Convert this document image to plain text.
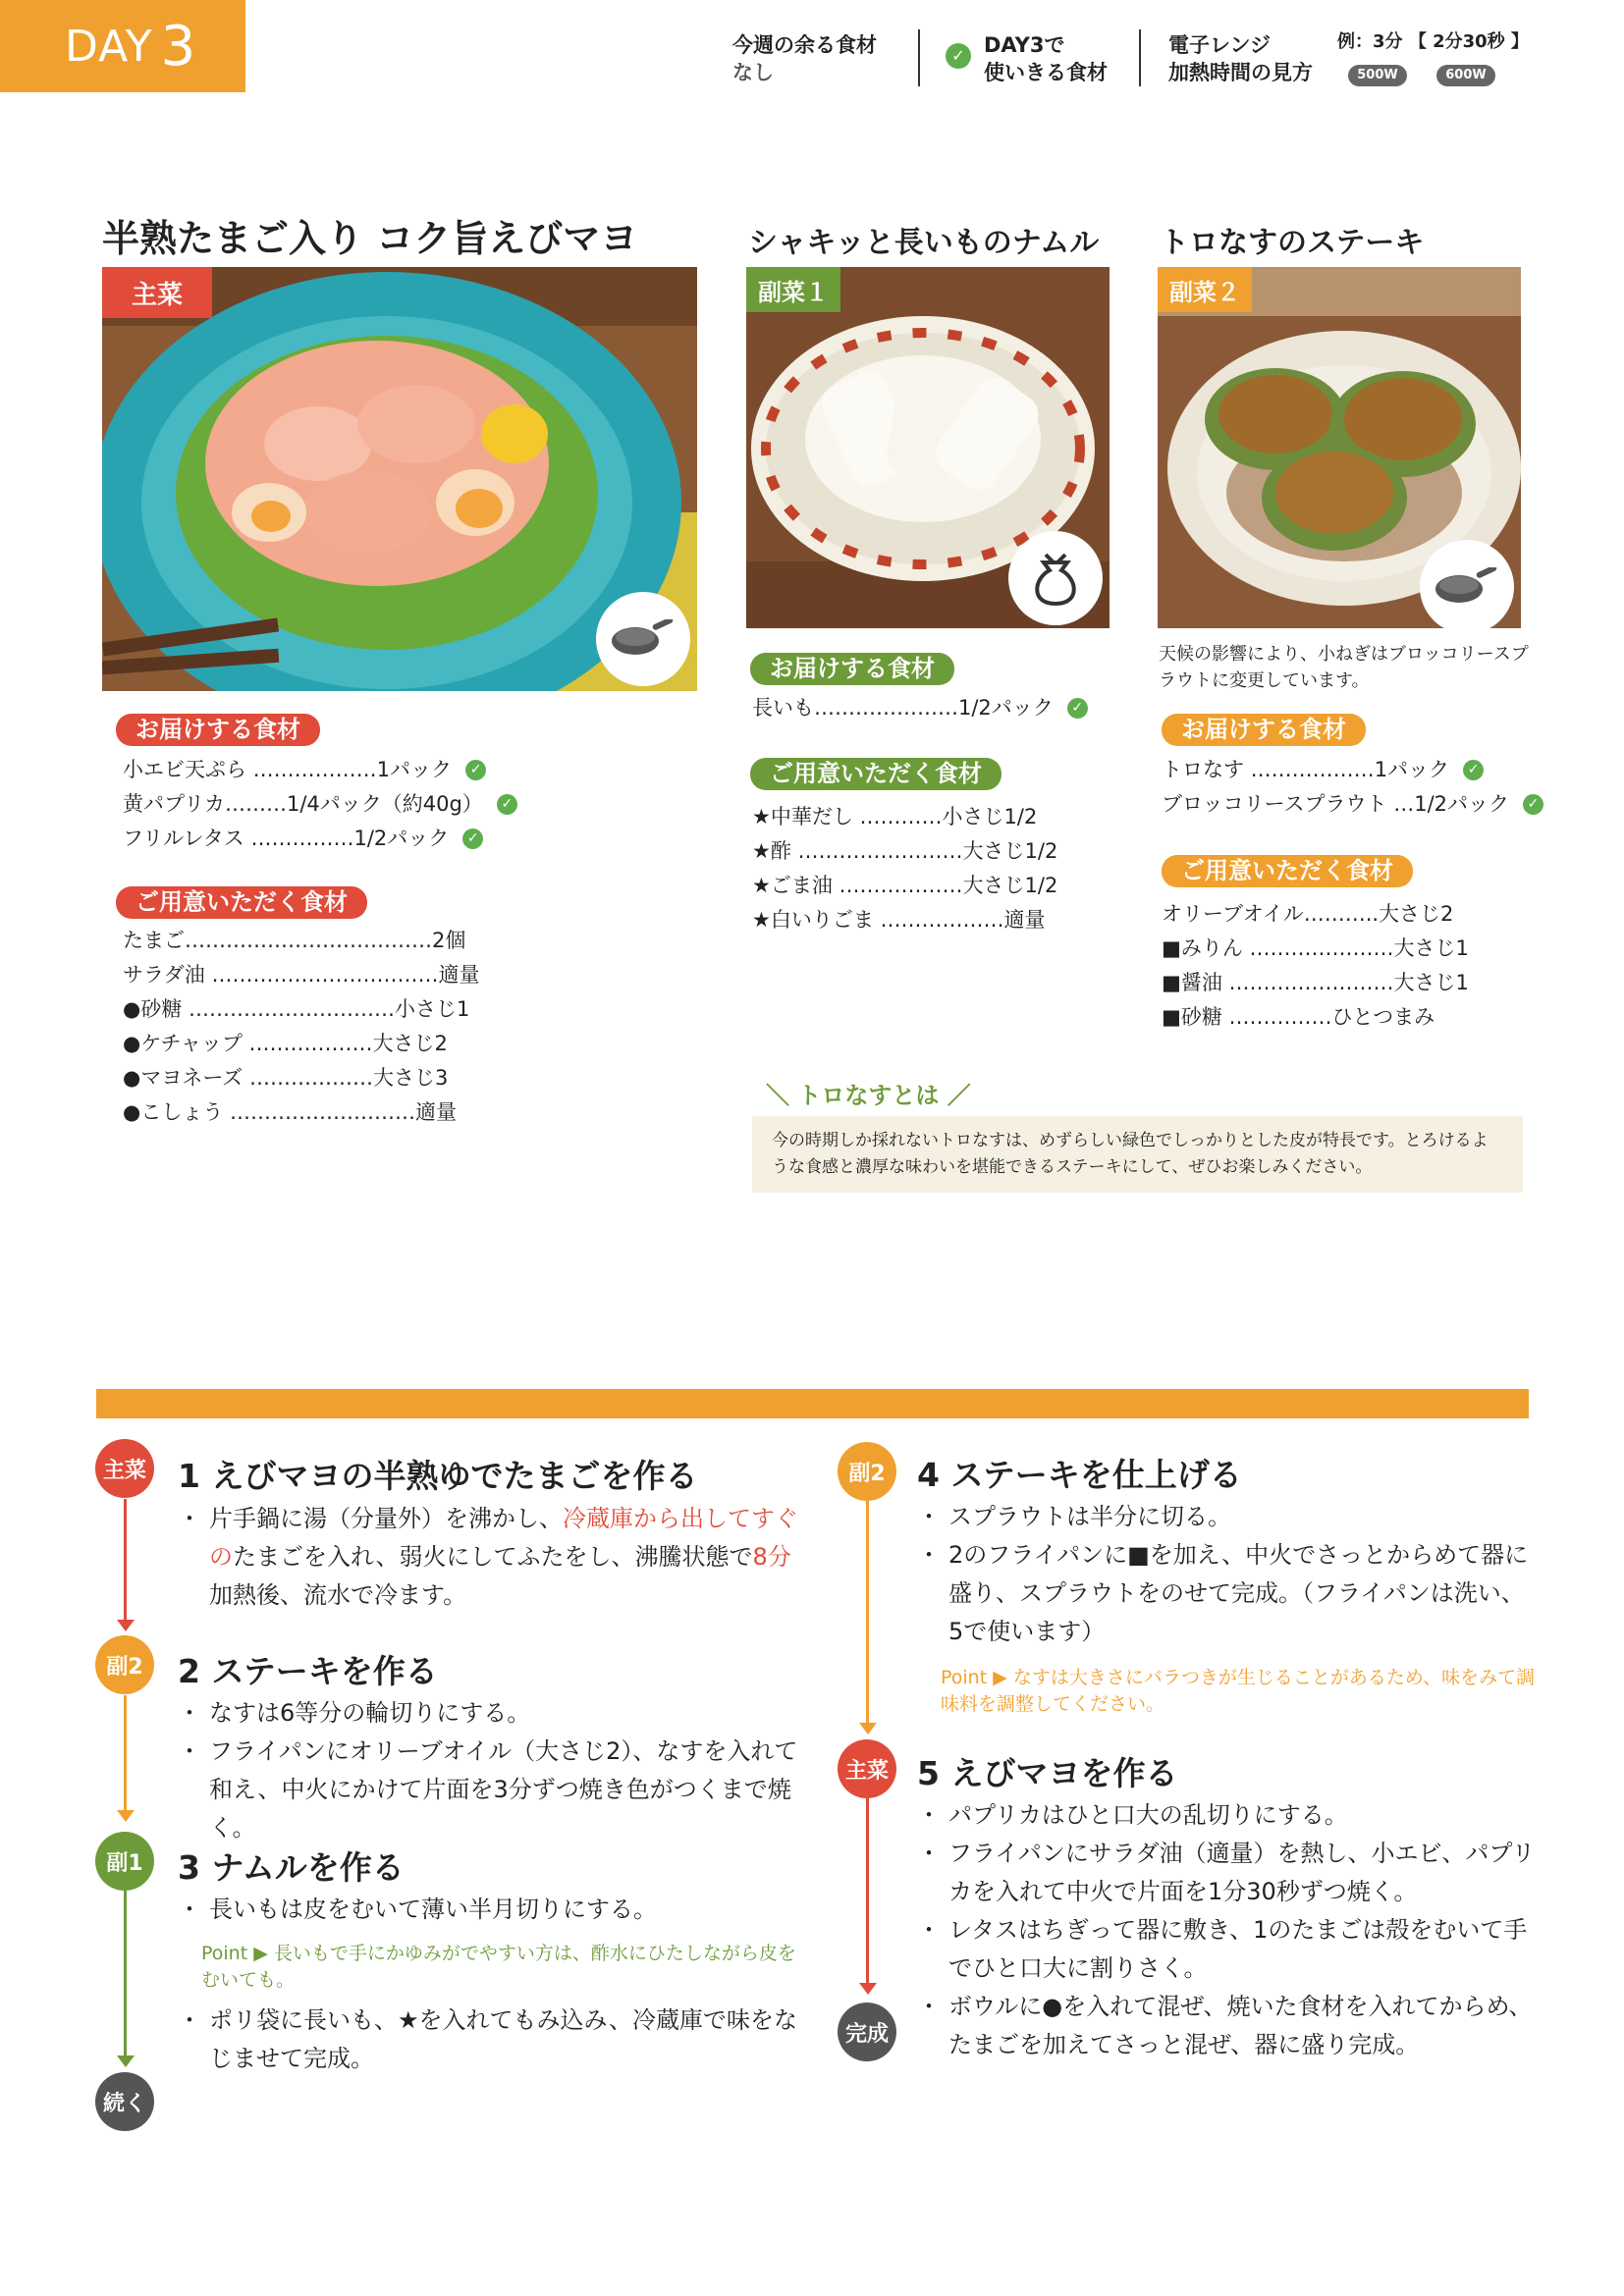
DAY 3	今週の余る食材
なし
✓ DAY3で
使いきる食材
電子レンジ
加熱時間の見方
例：3分 【 2分30秒 】
500W	600W
半熟たまご入り コク旨えびマヨ
主菜
お届けする食材
小エビ天ぷら ……………… 1パック	✓
黄パプリカ……… 1/4パック（約40g）	✓
フリルレタス …………… 1/2パック	✓
ご用意いただく食材
たまご……………………………… 2個
サラダ油 …………………………… 適量
●砂糖 ………………………… 小さじ1
●ケチャップ ……………… 大さじ2
●マヨネーズ ……………… 大さじ3
●こしょう ……………………… 適量
シャキッと長いものナムル
副菜１
お届けする食材
長いも………………… 1/2パック	✓
ご用意いただく食材
★中華だし ………… 小さじ1/2
★酢 …………………… 大さじ1/2
★ごま油 ……………… 大さじ1/2
★白いりごま ……………… 適量
トロなすのステーキ
副菜２
天候の影響により、小ねぎはブロッコリースプラウトに変更しています。
お届けする食材
トロなす ……………… 1パック	✓
ブロッコリースプラウト … 1/2パック	✓
ご用意いただく食材
オリーブオイル……….. 大さじ2
■みりん ………………… 大さじ1
■醤油 …………………… 大さじ1
■砂糖 …………… ひとつまみ
＼ トロなすとは ／
今の時期しか採れないトロなすは、めずらしい緑色でしっかりとした皮が特長です。とろけるような食感と濃厚な味わいを堪能できるステーキにして、ぜひお楽しみください。
主菜 1 えびマヨの半熟ゆでたまごを作る
・ 片手鍋に湯（分量外）を沸かし、冷蔵庫から出してすぐのたまごを入れ、弱火にしてふたをし、沸騰状態で8分加熱後、流水で冷ます。
副2	2 ステーキを作る
・ なすは6等分の輪切りにする。
・ フライパンにオリーブオイル（大さじ2）、なすを入れて和え、中火にかけて片面を3分ずつ焼き色がつくまで焼く。
副1	3 ナムルを作る
・ 長いもは皮をむいて薄い半月切りにする。
Point ▶ 長いもで手にかゆみがでやすい方は、酢水にひたしながら皮をむいても。
・ ポリ袋に長いも、★を入れてもみ込み、冷蔵庫で味をなじませて完成。
続く
副2 4 ステーキを仕上げる
・ スプラウトは半分に切る。
・ 2のフライパンに■を加え、中火でさっとからめて器に盛り、スプラウトをのせて完成。（フライパンは洗い、5で使います）
Point ▶ なすは大きさにバラつきが生じることがあるため、味をみて調味料を調整してください。
主菜 5 えびマヨを作る
・ パプリカはひと口大の乱切りにする。
・ フライパンにサラダ油（適量）を熱し、小エビ、パプリカを入れて中火で片面を1分30秒ずつ焼く。
・ レタスはちぎって器に敷き、1のたまごは殻をむいて手でひと口大に割りさく。
・ ボウルに●を入れて混ぜ、焼いた食材を入れてからめ、たまごを加えてさっと混ぜ、器に盛り完成。
完成
